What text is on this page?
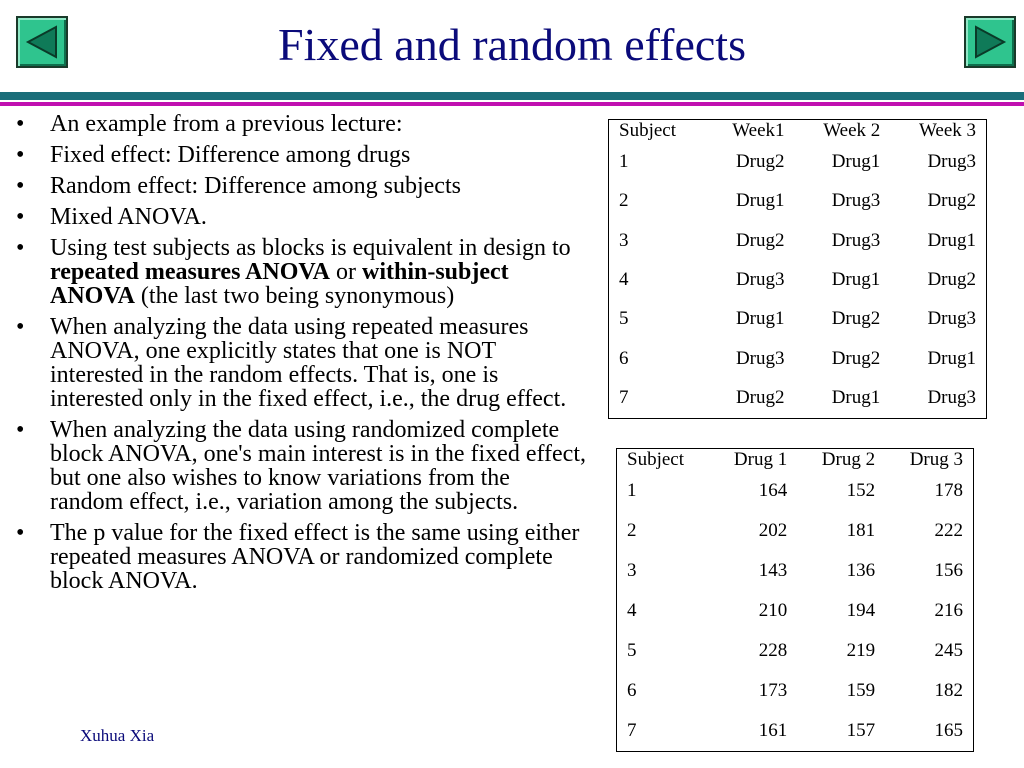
Fixed and random effects
• An example from a previous lecture:
• Fixed effect: Difference among drugs
• Random effect: Difference among subjects
• Mixed ANOVA.
• Using test subjects as blocks is equivalent in design to repeated measures ANOVA or within-subject ANOVA (the last two being synonymous)
• When analyzing the data using repeated measures ANOVA, one explicitly states that one is NOT interested in the random effects. That is, one is interested only in the fixed effect, i.e., the drug effect.
• When analyzing the data using randomized complete block ANOVA, one's main interest is in the fixed effect, but one also wishes to know variations from the random effect, i.e., variation among the subjects.
• The p value for the fixed effect is the same using either repeated measures ANOVA or randomized complete block ANOVA.
Subject	Week1	Week 2	Week 3
1	Drug2	Drug1	Drug3
2	Drug1	Drug3	Drug2
3	Drug2	Drug3	Drug1
4	Drug3	Drug1	Drug2
5	Drug1	Drug2	Drug3
6	Drug3	Drug2	Drug1
7	Drug2	Drug1	Drug3
Subject	Drug 1	Drug 2	Drug 3
1	164	152	178
2	202	181	222
3	143	136	156
4	210	194	216
5	228	219	245
6	173	159	182
7	161	157	165
Xuhua Xia
